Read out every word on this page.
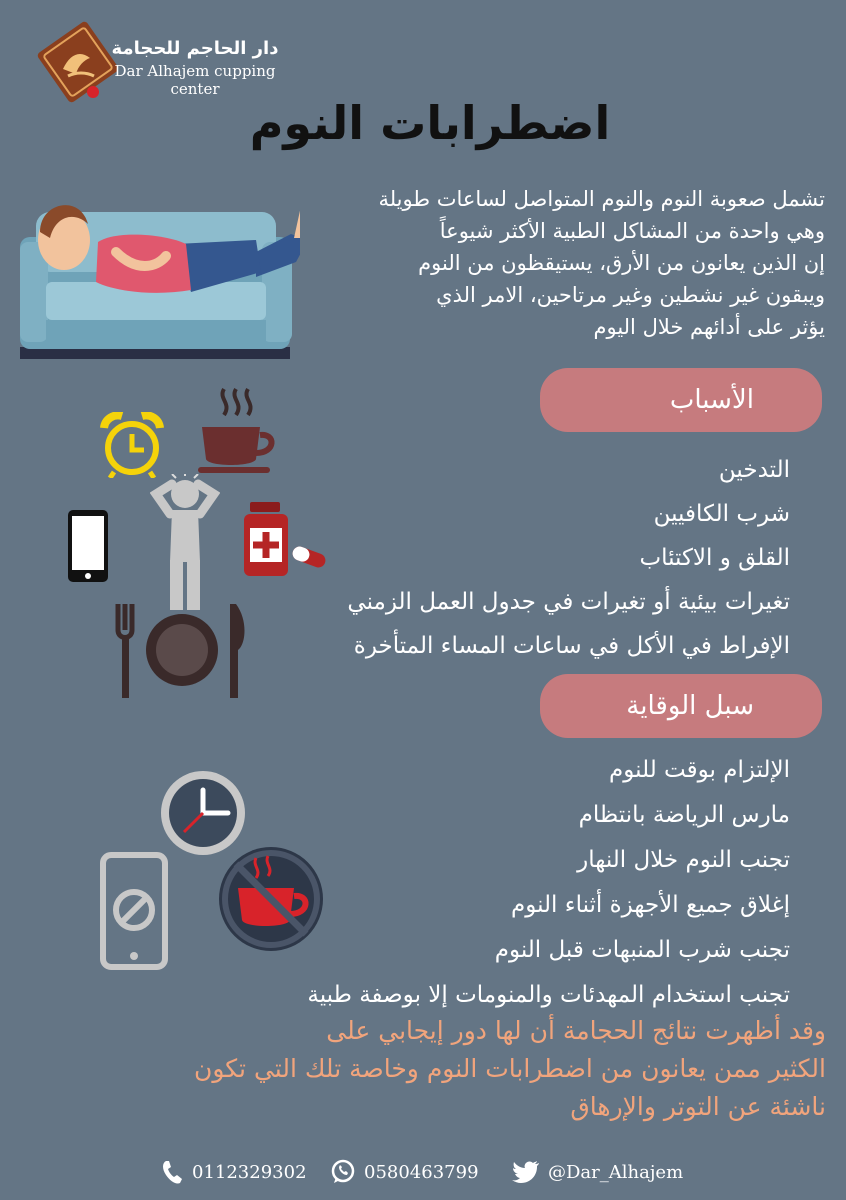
دار الحاجم للحجامة
Dar Alhajem cupping center
اضطرابات النوم
تشمل صعوبة النوم والنوم المتواصل لساعات طويلة
وهي واحدة من المشاكل الطبية الأكثر شيوعاً
إن الذين يعانون من الأرق، يستيقظون من النوم
ويبقون غير نشطين وغير مرتاحين، الامر الذي
يؤثر على أدائهم خلال اليوم
الأسباب
التدخين
شرب الكافيين
القلق و الاكتئاب
تغيرات بيئية أو تغيرات في جدول العمل الزمني
الإفراط في الأكل في ساعات المساء المتأخرة
سبل الوقاية
الإلتزام بوقت للنوم
مارس الرياضة بانتظام
تجنب النوم خلال النهار
إغلاق جميع الأجهزة أثناء النوم
تجنب شرب المنبهات قبل النوم
تجنب استخدام المهدئات والمنومات إلا بوصفة طبية
وقد أظهرت نتائج الحجامة أن لها دور إيجابي على
الكثير ممن يعانون من اضطرابات النوم وخاصة تلك التي تكون
ناشئة عن التوتر والإرهاق
0112329302	0580463799	@Dar_Alhajem
